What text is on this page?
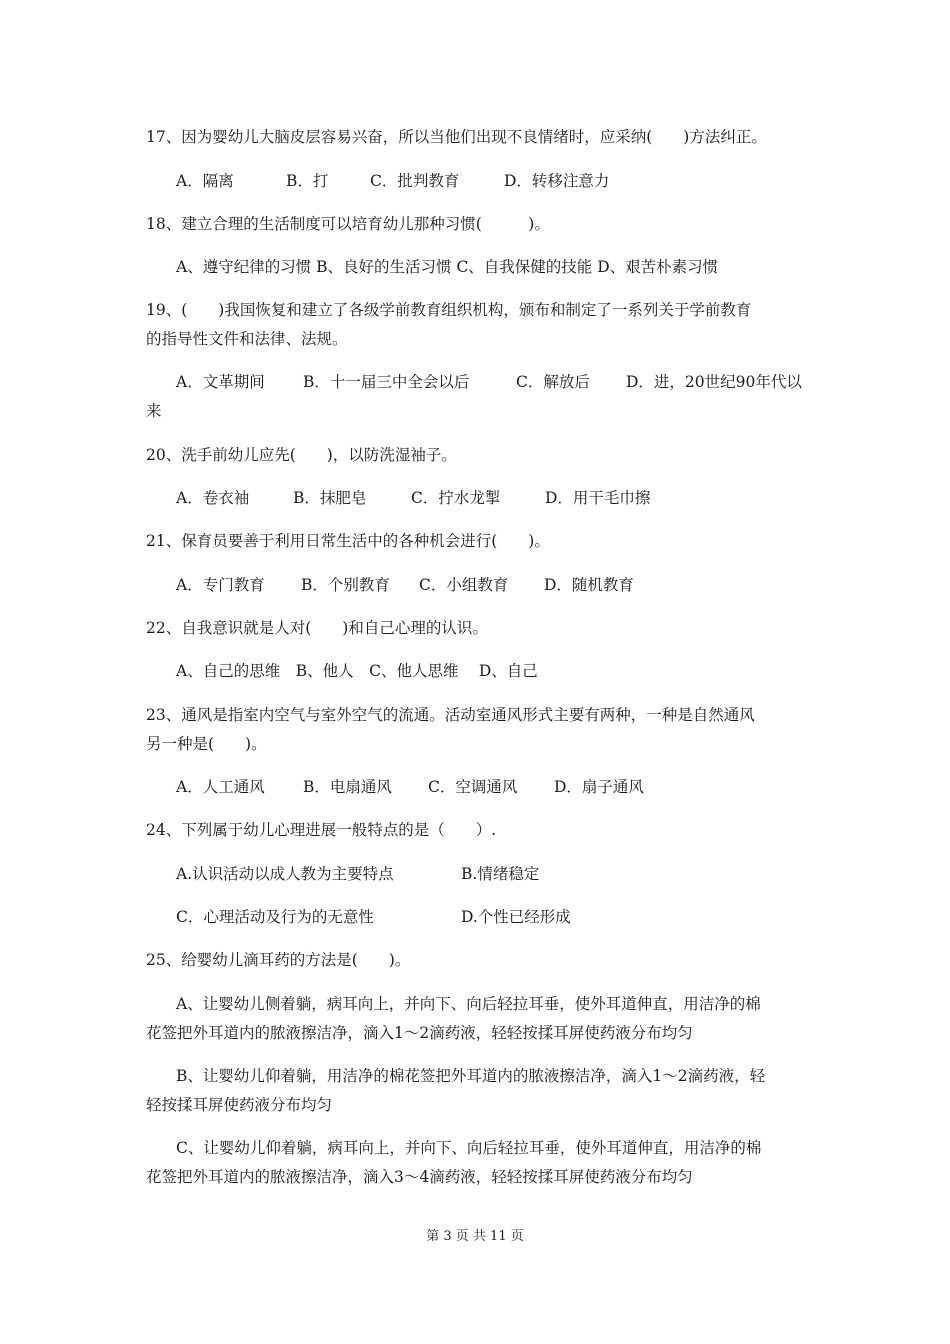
17、因为婴幼儿大脑皮层容易兴奋，所以当他们出现不良情绪时，应采纳(　　)方法纠正。
A．隔离	B．打	C．批判教育	D．转移注意力
18、建立合理的生活制度可以培育幼儿那种习惯(　　　)。
A、遵守纪律的习惯 B、良好的生活习惯 C、自我保健的技能 D、艰苦朴素习惯
19、(　　)我国恢复和建立了各级学前教育组织机构，颁布和制定了一系列关于学前教育
的指导性文件和法律、法规。
A．文革期间 B．十一届三中全会以后	C．解放后 D．进，20世纪90年代以
来
20、洗手前幼儿应先(　　)，以防洗湿袖子。
A．卷衣袖	B．抹肥皂	C．拧水龙掣	D．用干毛巾擦
21、保育员要善于利用日常生活中的各种机会进行(　　)。
A．专门教育 B．个别教育 C．小组教育 D．随机教育
22、自我意识就是人对(　　)和自己心理的认识。
A、自己的思维　B、他人　C、他人思维　 D、自己
23、通风是指室内空气与室外空气的流通。活动室通风形式主要有两种，一种是自然通风
另一种是(　　)。
A．人工通风 B．电扇通风 C．空调通风 D．扇子通风
24、下列属于幼儿心理进展一般特点的是（　　）.
A.认识活动以成人教为主要特点	B.情绪稳定
C．心理活动及行为的无意性	D.个性已经形成
25、给婴幼儿滴耳药的方法是(　　)。
A、让婴幼儿侧着躺，病耳向上，并向下、向后轻拉耳垂，使外耳道伸直，用洁净的棉
花签把外耳道内的脓液擦洁净，滴入1～2滴药液，轻轻按揉耳屏使药液分布均匀
B、让婴幼儿仰着躺，用洁净的棉花签把外耳道内的脓液擦洁净，滴入1～2滴药液，轻
轻按揉耳屏使药液分布均匀
C、让婴幼儿仰着躺，病耳向上，并向下、向后轻拉耳垂，使外耳道伸直，用洁净的棉
花签把外耳道内的脓液擦洁净，滴入3～4滴药液，轻轻按揉耳屏使药液分布均匀
第 3 页 共 11 页
